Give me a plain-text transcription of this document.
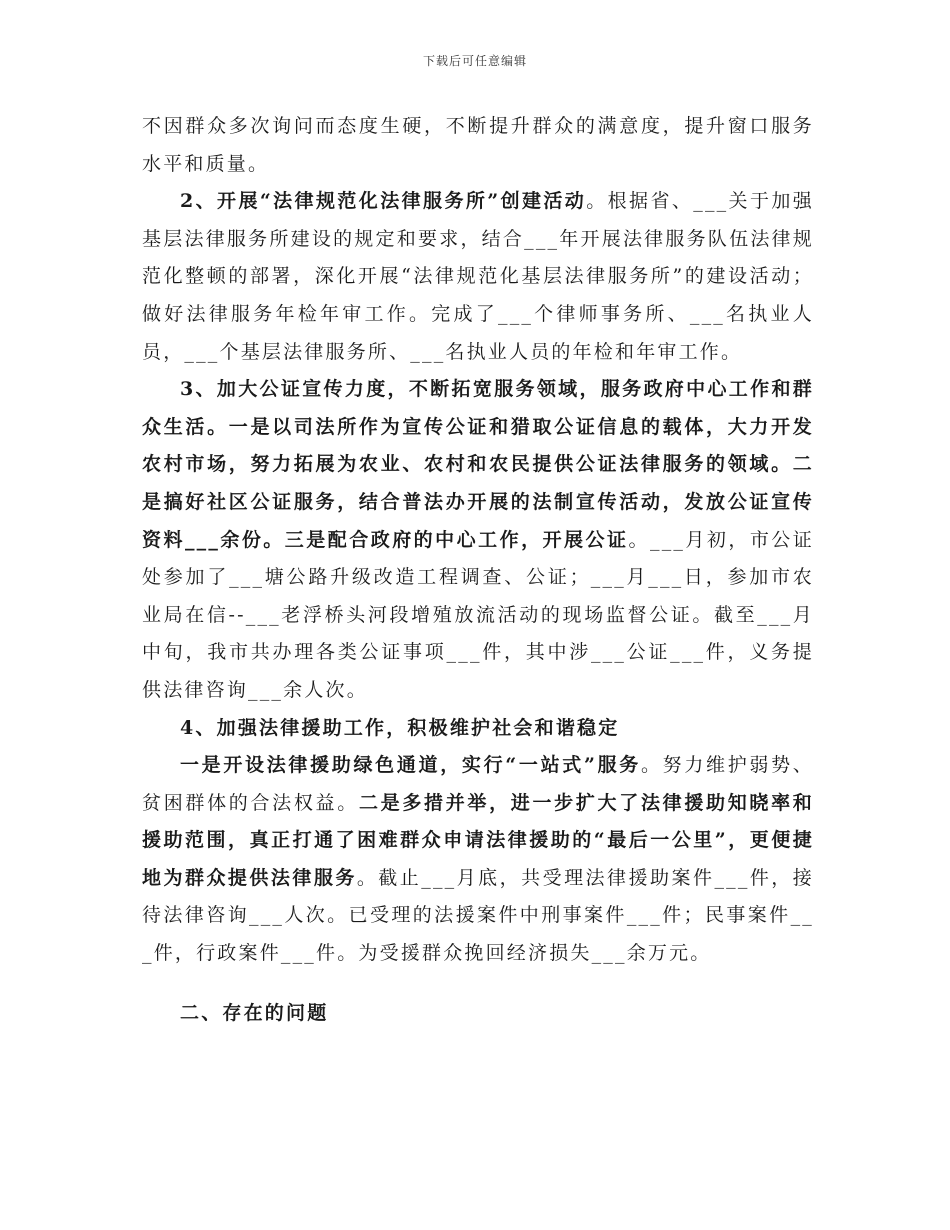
下载后可任意编辑

不因群众多次询问而态度生硬，不断提升群众的满意度，提升窗口服务水平和质量。

2、开展“法律规范化法律服务所”创建活动。根据省、___关于加强基层法律服务所建设的规定和要求，结合___年开展法律服务队伍法律规范化整顿的部署，深化开展“法律规范化基层法律服务所”的建设活动；做好法律服务年检年审工作。完成了___个律师事务所、___名执业人员，___个基层法律服务所、___名执业人员的年检和年审工作。

3、加大公证宣传力度，不断拓宽服务领域，服务政府中心工作和群众生活。一是以司法所作为宣传公证和猎取公证信息的载体，大力开发农村市场，努力拓展为农业、农村和农民提供公证法律服务的领域。二是搞好社区公证服务，结合普法办开展的法制宣传活动，发放公证宣传资料___余份。三是配合政府的中心工作，开展公证。___月初，市公证处参加了___塘公路升级改造工程调查、公证；___月___日，参加市农业局在信--___老浮桥头河段增殖放流活动的现场监督公证。截至___月中旬，我市共办理各类公证事项___件，其中涉___公证___件，义务提供法律咨询___余人次。

4、加强法律援助工作，积极维护社会和谐稳定

一是开设法律援助绿色通道，实行“一站式”服务。努力维护弱势、贫困群体的合法权益。二是多措并举，进一步扩大了法律援助知晓率和援助范围，真正打通了困难群众申请法律援助的“最后一公里”，更便捷地为群众提供法律服务。截止___月底，共受理法律援助案件___件，接待法律咨询___人次。已受理的法援案件中刑事案件___件；民事案件___件，行政案件___件。为受援群众挽回经济损失___余万元。

二、存在的问题
